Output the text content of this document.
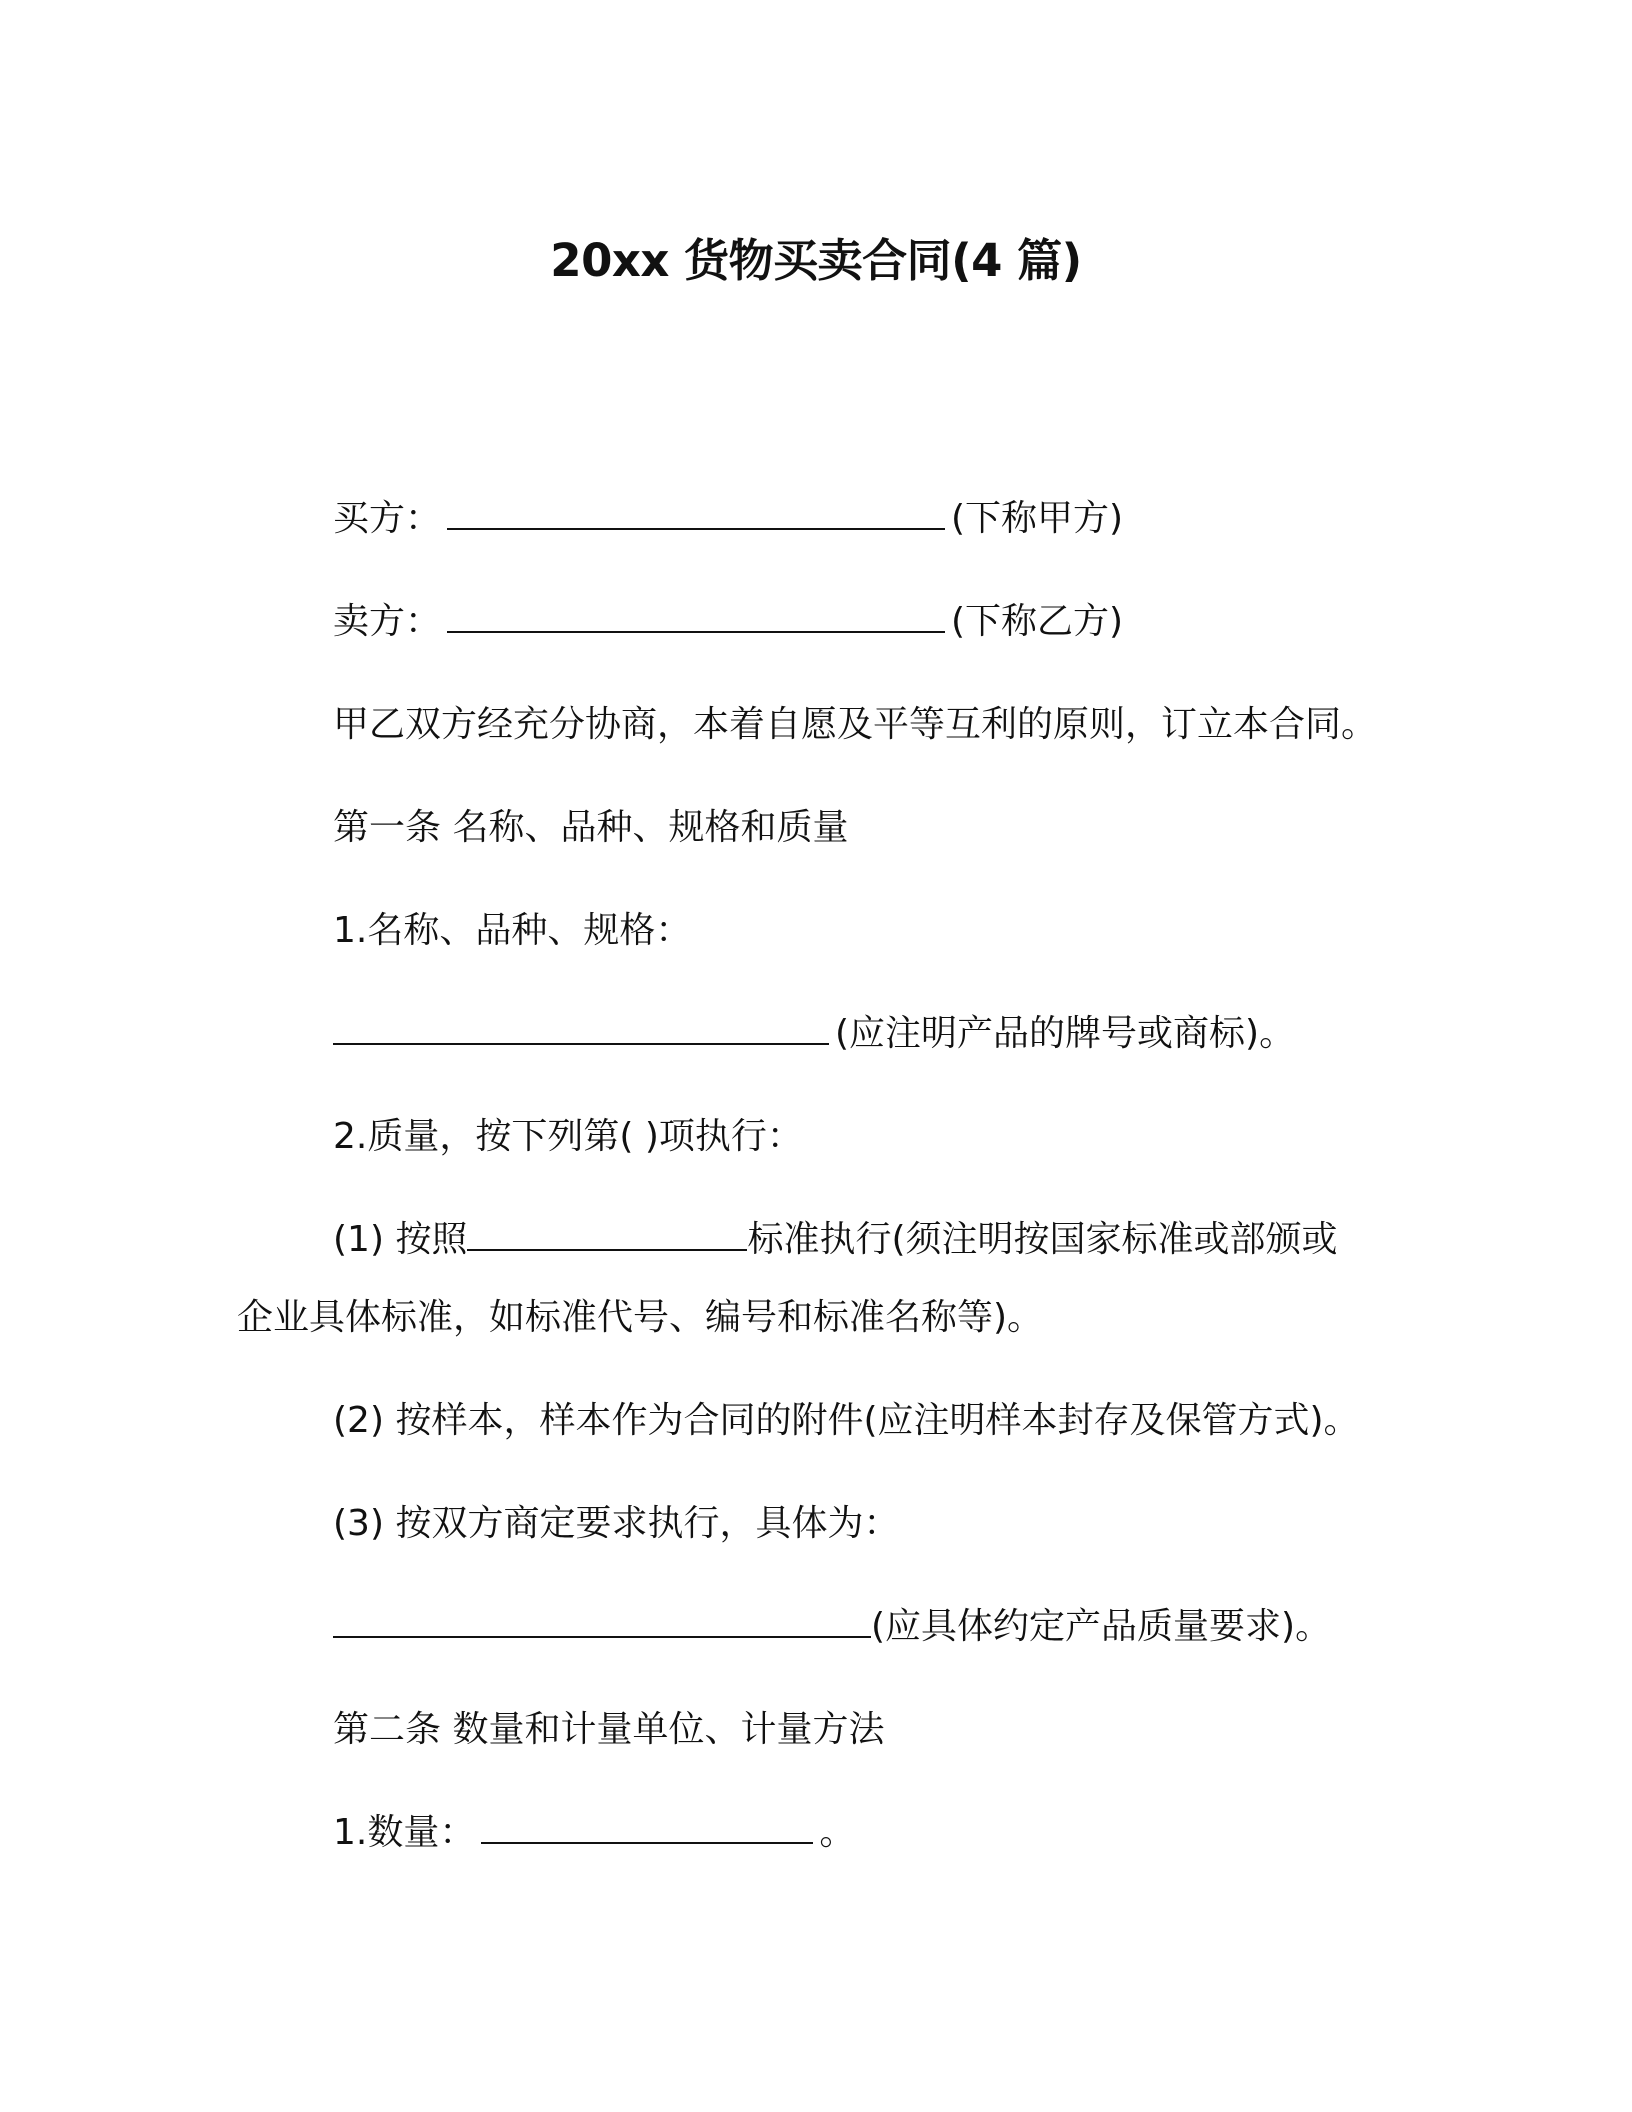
20xx 货物买卖合同(4 篇)
买方：	(下称甲方)
卖方：	(下称乙方)
甲乙双方经充分协商，本着自愿及平等互利的原则，订立本合同。
第一条 名称、品种、规格和质量
1.名称、品种、规格：
(应注明产品的牌号或商标)。
2.质量，按下列第( )项执行：
(1) 按照	标准执行(须注明按国家标准或部颁或
企业具体标准，如标准代号、编号和标准名称等)。
(2) 按样本，样本作为合同的附件(应注明样本封存及保管方式)。
(3) 按双方商定要求执行，具体为：
(应具体约定产品质量要求)。
第二条 数量和计量单位、计量方法
1.数量：	。
